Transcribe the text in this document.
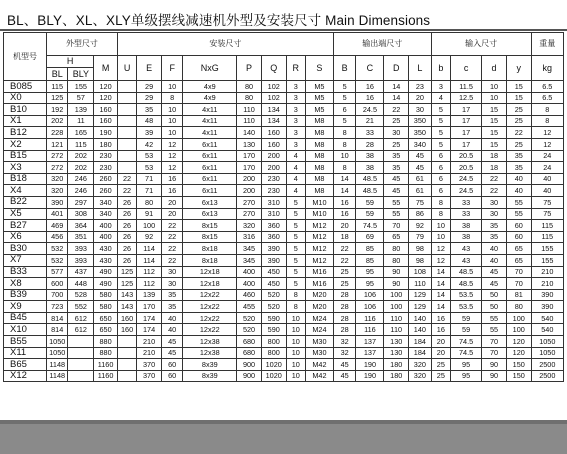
BL、BLY、XL、XLY单级摆线减速机外型及安装尺寸 Main Dimensions
机型号	外型尺寸			安装尺寸								输出端尺寸				输入尺寸				重量
	H		M	U	E	F	NxG	P	Q	R	S	B	C	D	L	b	c	d	y	kg
	BL	BLY																		
B085	115	155	120		29	10	4x9	80	102	3	M5	5	16	14	23	3	11.5	10	15	6.5
X0	125	57	120		29	8	4x9	80	102	3	M5	5	16	14	20	4	12.5	10	15	6.5
B10	192	139	160		35	10	4x11	110	134	3	M5	6	24.5	22	30	5	17	15	25	8
X1	202	11	160		48	10	4x11	110	134	3	M8	5	21	25	350	5	17	15	25	8
B12	228	165	190		39	10	4x11	140	160	3	M8	8	33	30	350	5	17	15	22	12
X2	121	115	180		42	12	6x11	130	160	3	M8	8	28	25	340	5	17	15	25	12
B15	272	202	230		53	12	6x11	170	200	4	M8	10	38	35	45	6	20.5	18	35	24
X3	272	202	230		53	12	6x11	170	200	4	M8	8	38	35	45	6	20.5	18	35	24
B18	320	246	260	22	71	16	6x11	200	230	4	M8	14	48.5	45	61	6	24.5	22	40	40
X4	320	246	260	22	71	16	6x11	200	230	4	M8	14	48.5	45	61	6	24.5	22	40	40
B22	390	297	340	26	80	20	6x13	270	310	5	M10	16	59	55	75	8	33	30	55	75
X5	401	308	340	26	91	20	6x13	270	310	5	M10	16	59	55	86	8	33	30	55	75
B27	469	364	400	26	100	22	8x15	320	360	5	M12	20	74.5	70	92	10	38	35	60	115
X6	456	351	400	26	92	22	8x15	316	360	5	M12	18	69	65	79	10	38	35	60	115
B30	532	393	430	26	114	22	8x18	345	390	5	M12	22	85	80	98	12	43	40	65	155
X7	532	393	430	26	114	22	8x18	345	390	5	M12	22	85	80	98	12	43	40	65	155
B33	577	437	490	125	112	30	12x18	400	450	5	M16	25	95	90	108	14	48.5	45	70	210
X8	600	448	490	125	112	30	12x18	400	450	5	M16	25	95	90	110	14	48.5	45	70	210
B39	700	528	580	143	139	35	12x22	460	520	8	M20	28	106	100	129	14	53.5	50	81	390
X9	723	552	580	143	170	35	12x22	455	520	8	M20	28	106	100	129	14	53.5	50	80	390
B45	814	612	650	160	174	40	12x22	520	590	10	M24	28	116	110	140	16	59	55	100	540
X10	814	612	650	160	174	40	12x22	520	590	10	M24	28	116	110	140	16	59	55	100	540
B55	1050		880		210	45	12x38	680	800	10	M30	32	137	130	184	20	74.5	70	120	1050
X11	1050		880		210	45	12x38	680	800	10	M30	32	137	130	184	20	74.5	70	120	1050
B65	1148		1160		370	60	8x39	900	1020	10	M42	45	190	180	320	25	95	90	150	2500
X12	1148		1160		370	60	8x39	900	1020	10	M42	45	190	180	320	25	95	90	150	2500
